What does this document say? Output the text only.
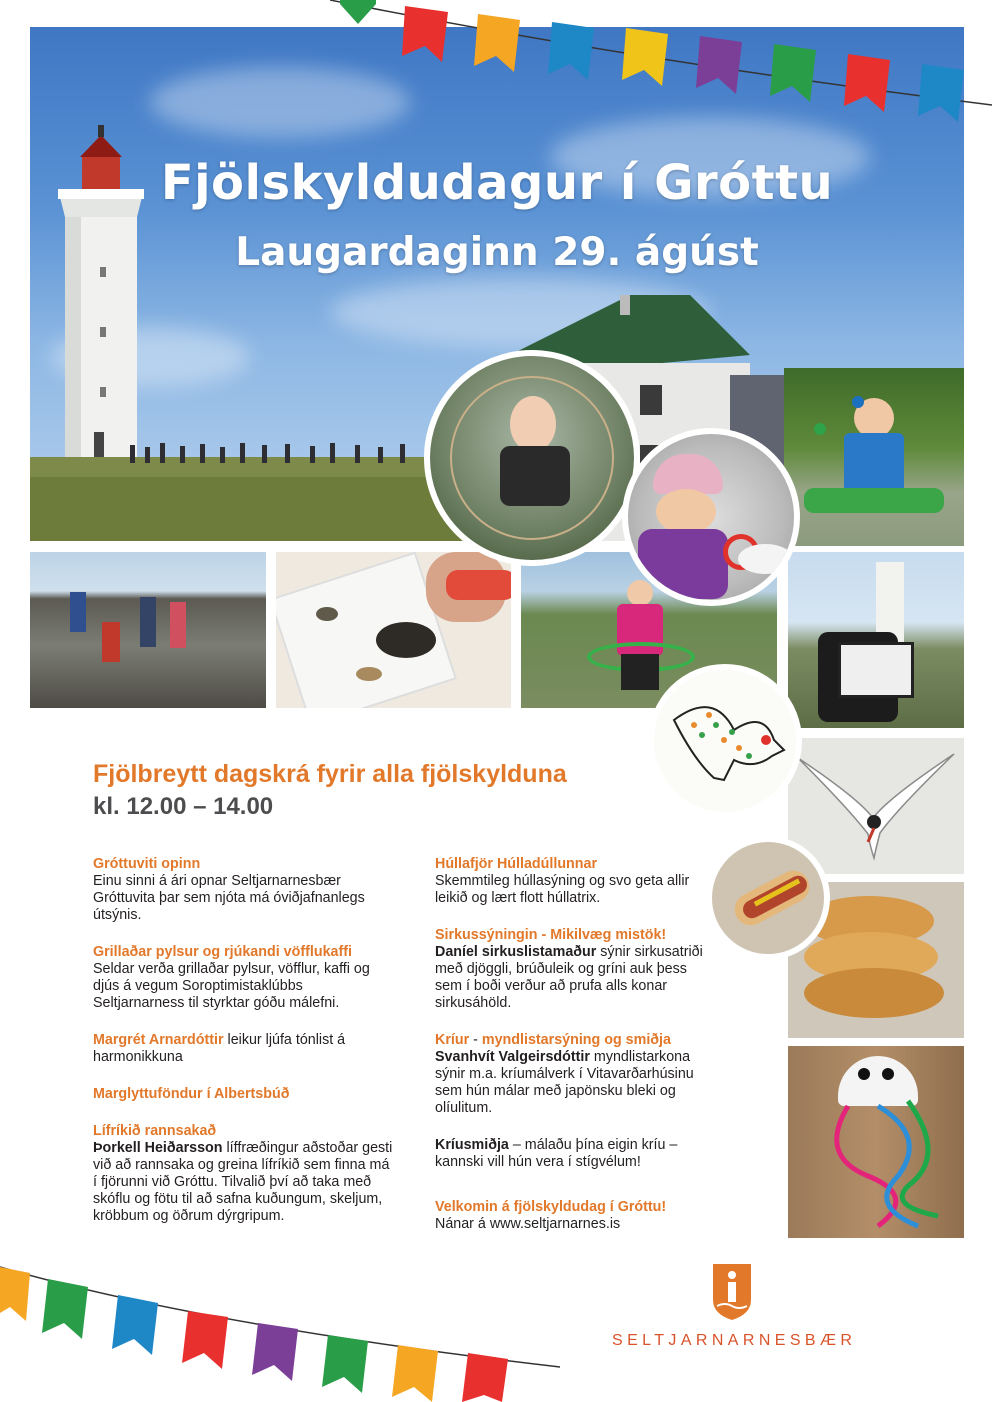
Fjölskyldudagur í Gróttu
Laugardaginn 29. ágúst
Fjölbreytt dagskrá fyrir alla fjölskylduna
kl. 12.00 – 14.00
Gróttuviti opinn
Einu sinni á ári opnar Seltjarnarnesbær Gróttuvita þar sem njóta má óviðjafnanlegs útsýnis.
Grillaðar pylsur og rjúkandi vöfflukaffi
Seldar verða grillaðar pylsur, vöfflur, kaffi og djús á vegum Soroptimistaklúbbs Seltjarnarness til styrktar góðu málefni.
Margrét Arnardóttir leikur ljúfa tónlist á harmonikkuna
Marglyttuföndur í Albertsbúð
Lífríkið rannsakað
Þorkell Heiðarsson líffræðingur aðstoðar gesti við að rannsaka og greina lífríkið sem finna má í fjörunni við Gróttu. Tilvalið því að taka með skóflu og fötu til að safna kuðungum, skeljum, kröbbum og öðrum dýrgripum.
Húllafjör Húlladúllunnar
Skemmtileg húllasýning og svo geta allir leikið og lært flott húllatrix.
Sirkussýningin - Mikilvæg mistök!
Daníel sirkuslistamaður sýnir sirkusatriði með djöggli, brúðuleik og gríni auk þess sem í boði verður að prufa alls konar sirkusáhöld.
Kríur - myndlistarsýning og smiðja
Svanhvít Valgeirsdóttir myndlistarkona sýnir m.a. kríumálverk í Vitavarðarhúsinu sem hún málar með japönsku bleki og olíulitum.
Kríusmiðja – málaðu þína eigin kríu – kannski vill hún vera í stígvélum!
Velkomin á fjölskyldudag í Gróttu!
Nánar á www.seltjarnarnes.is
SELTJARNARNESBÆR
